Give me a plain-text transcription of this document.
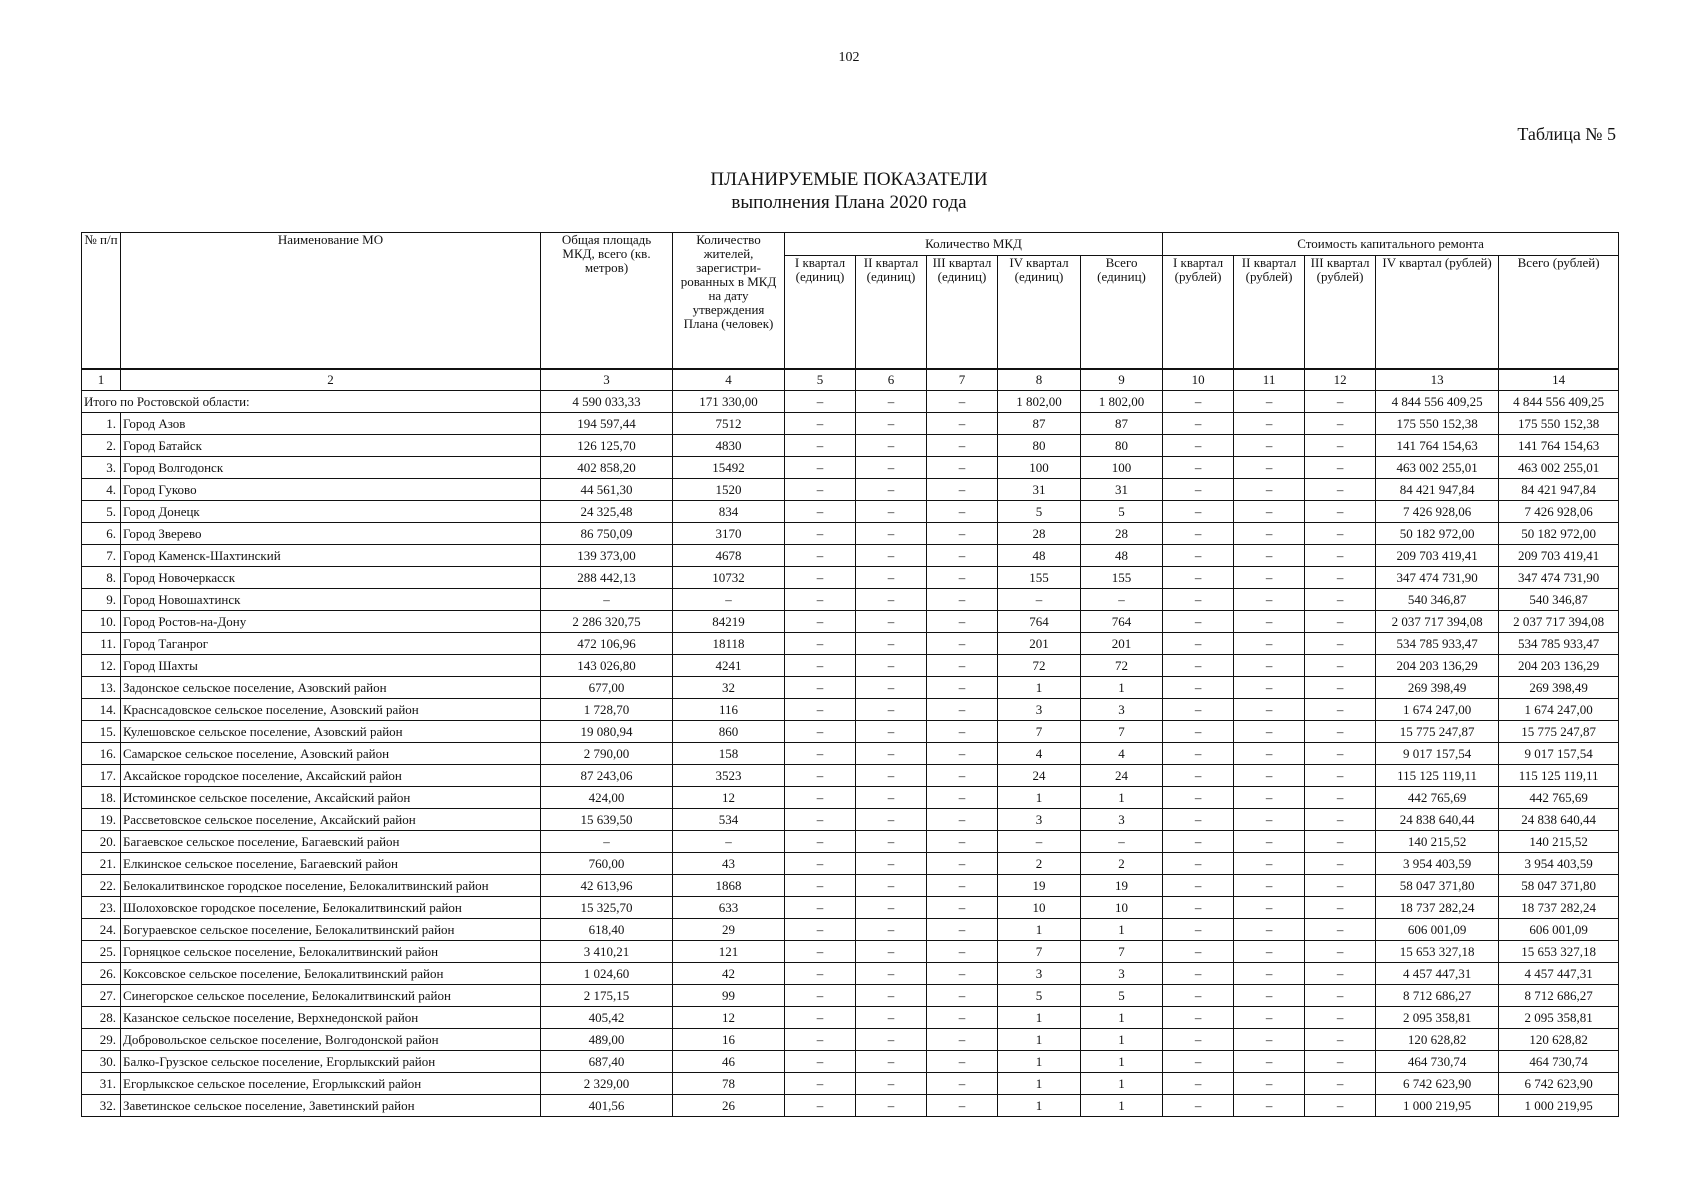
102
Таблица № 5
ПЛАНИРУЕМЫЕ ПОКАЗАТЕЛИ
выполнения Плана 2020 года
№ п/п	Наименование МО	Общая площадь МКД, всего (кв. метров)	Количество жителей, зарегистри-рованных в МКД на дату утверждения Плана (человек)	Количество МКД					Стоимость капитального ремонта				
				I квартал (единиц)	II квартал (единиц)	III квартал (единиц)	IV квартал (единиц)	Всего (единиц)	I квартал (рублей)	II квартал (рублей)	III квартал (рублей)	IV квартал (рублей)	Всего (рублей)
1	2	3	4	5	6	7	8	9	10	11	12	13	14
Итого по Ростовской области:		4 590 033,33	171 330,00	–	–	–	1 802,00	1 802,00	–	–	–	4 844 556 409,25	4 844 556 409,25
1.	Город Азов	194 597,44	7512	–	–	–	87	87	–	–	–	175 550 152,38	175 550 152,38
2.	Город Батайск	126 125,70	4830	–	–	–	80	80	–	–	–	141 764 154,63	141 764 154,63
3.	Город Волгодонск	402 858,20	15492	–	–	–	100	100	–	–	–	463 002 255,01	463 002 255,01
4.	Город Гуково	44 561,30	1520	–	–	–	31	31	–	–	–	84 421 947,84	84 421 947,84
5.	Город Донецк	24 325,48	834	–	–	–	5	5	–	–	–	7 426 928,06	7 426 928,06
6.	Город Зверево	86 750,09	3170	–	–	–	28	28	–	–	–	50 182 972,00	50 182 972,00
7.	Город Каменск-Шахтинский	139 373,00	4678	–	–	–	48	48	–	–	–	209 703 419,41	209 703 419,41
8.	Город Новочеркасск	288 442,13	10732	–	–	–	155	155	–	–	–	347 474 731,90	347 474 731,90
9.	Город Новошахтинск	–	–	–	–	–	–	–	–	–	–	540 346,87	540 346,87
10.	Город Ростов-на-Дону	2 286 320,75	84219	–	–	–	764	764	–	–	–	2 037 717 394,08	2 037 717 394,08
11.	Город Таганрог	472 106,96	18118	–	–	–	201	201	–	–	–	534 785 933,47	534 785 933,47
12.	Город Шахты	143 026,80	4241	–	–	–	72	72	–	–	–	204 203 136,29	204 203 136,29
13.	Задонское сельское поселение, Азовский район	677,00	32	–	–	–	1	1	–	–	–	269 398,49	269 398,49
14.	Краснсадовское сельское поселение, Азовский район	1 728,70	116	–	–	–	3	3	–	–	–	1 674 247,00	1 674 247,00
15.	Кулешовское сельское поселение, Азовский район	19 080,94	860	–	–	–	7	7	–	–	–	15 775 247,87	15 775 247,87
16.	Самарское сельское поселение, Азовский район	2 790,00	158	–	–	–	4	4	–	–	–	9 017 157,54	9 017 157,54
17.	Аксайское городское поселение, Аксайский район	87 243,06	3523	–	–	–	24	24	–	–	–	115 125 119,11	115 125 119,11
18.	Истоминское сельское поселение, Аксайский район	424,00	12	–	–	–	1	1	–	–	–	442 765,69	442 765,69
19.	Рассветовское сельское поселение, Аксайский район	15 639,50	534	–	–	–	3	3	–	–	–	24 838 640,44	24 838 640,44
20.	Багаевское сельское поселение, Багаевский район	–	–	–	–	–	–	–	–	–	–	140 215,52	140 215,52
21.	Елкинское сельское поселение, Багаевский район	760,00	43	–	–	–	2	2	–	–	–	3 954 403,59	3 954 403,59
22.	Белокалитвинское городское поселение, Белокалитвинский район	42 613,96	1868	–	–	–	19	19	–	–	–	58 047 371,80	58 047 371,80
23.	Шолоховское городское поселение, Белокалитвинский район	15 325,70	633	–	–	–	10	10	–	–	–	18 737 282,24	18 737 282,24
24.	Богураевское сельское поселение, Белокалитвинский район	618,40	29	–	–	–	1	1	–	–	–	606 001,09	606 001,09
25.	Горняцкое сельское поселение, Белокалитвинский район	3 410,21	121	–	–	–	7	7	–	–	–	15 653 327,18	15 653 327,18
26.	Коксовское сельское поселение, Белокалитвинский район	1 024,60	42	–	–	–	3	3	–	–	–	4 457 447,31	4 457 447,31
27.	Синегорское сельское поселение, Белокалитвинский район	2 175,15	99	–	–	–	5	5	–	–	–	8 712 686,27	8 712 686,27
28.	Казанское сельское поселение, Верхнедонской район	405,42	12	–	–	–	1	1	–	–	–	2 095 358,81	2 095 358,81
29.	Добровольское сельское поселение, Волгодонской район	489,00	16	–	–	–	1	1	–	–	–	120 628,82	120 628,82
30.	Балко-Грузское сельское поселение, Егорлыкский район	687,40	46	–	–	–	1	1	–	–	–	464 730,74	464 730,74
31.	Егорлыкское сельское поселение, Егорлыкский район	2 329,00	78	–	–	–	1	1	–	–	–	6 742 623,90	6 742 623,90
32.	Заветинское сельское поселение, Заветинский район	401,56	26	–	–	–	1	1	–	–	–	1 000 219,95	1 000 219,95
